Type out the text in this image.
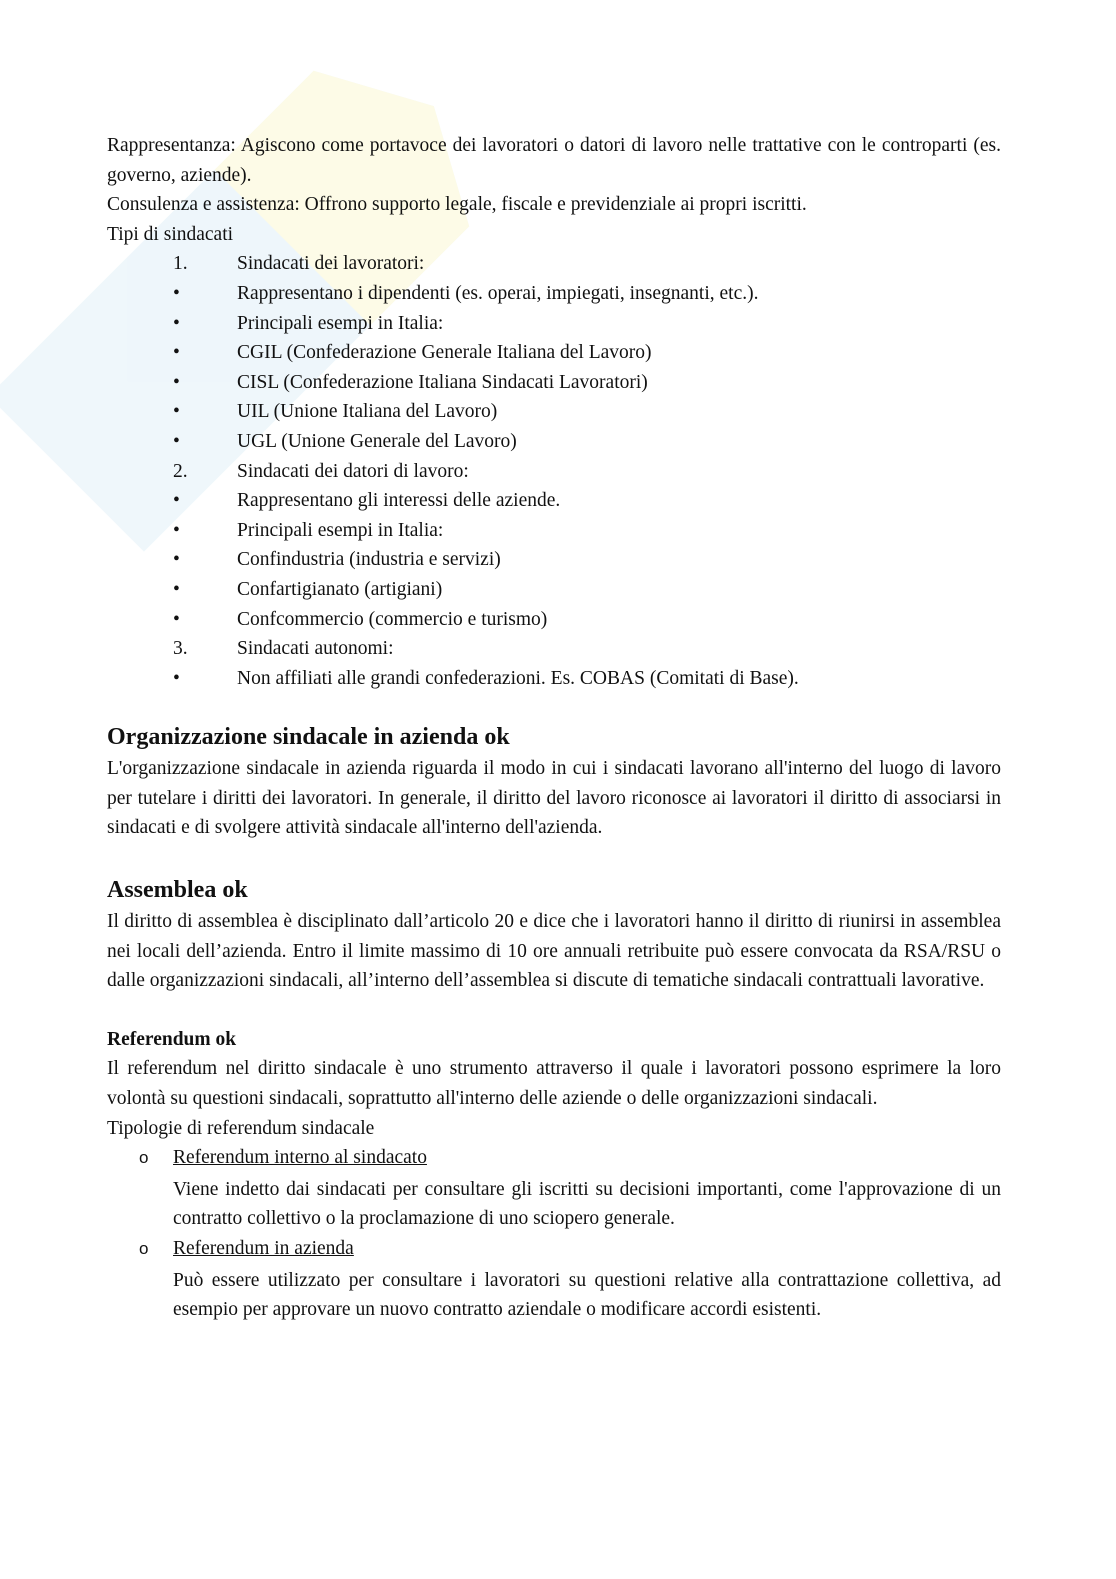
Rappresentanza: Agiscono come portavoce dei lavoratori o datori di lavoro nelle trattative con le controparti (es. governo, aziende).
Consulenza e assistenza: Offrono supporto legale, fiscale e previdenziale ai propri iscritti.
Tipi di sindacati
1.	Sindacati dei lavoratori:
•	Rappresentano i dipendenti (es. operai, impiegati, insegnanti, etc.).
•	Principali esempi in Italia:
•	CGIL (Confederazione Generale Italiana del Lavoro)
•	CISL (Confederazione Italiana Sindacati Lavoratori)
•	UIL (Unione Italiana del Lavoro)
•	UGL (Unione Generale del Lavoro)
2.	Sindacati dei datori di lavoro:
•	Rappresentano gli interessi delle aziende.
•	Principali esempi in Italia:
•	Confindustria (industria e servizi)
•	Confartigianato (artigiani)
•	Confcommercio (commercio e turismo)
3.	Sindacati autonomi:
•	Non affiliati alle grandi confederazioni. Es. COBAS (Comitati di Base).
Organizzazione sindacale in azienda ok
L'organizzazione sindacale in azienda riguarda il modo in cui i sindacati lavorano all'interno del luogo di lavoro per tutelare i diritti dei lavoratori. In generale, il diritto del lavoro riconosce ai lavoratori il diritto di associarsi in sindacati e di svolgere attività sindacale all'interno dell'azienda.
Assemblea ok
Il diritto di assemblea è disciplinato dall’articolo 20 e dice che i lavoratori hanno il diritto di riunirsi in assemblea nei locali dell’azienda. Entro il limite massimo di 10 ore annuali retribuite può essere convocata da RSA/RSU o dalle organizzazioni sindacali, all’interno dell’assemblea si discute di tematiche sindacali contrattuali lavorative.
Referendum ok
Il referendum nel diritto sindacale è uno strumento attraverso il quale i lavoratori possono esprimere la loro volontà su questioni sindacali, soprattutto all'interno delle aziende o delle organizzazioni sindacali.
Tipologie di referendum sindacale
o Referendum interno al sindacato
Viene indetto dai sindacati per consultare gli iscritti su decisioni importanti, come l'approvazione di un contratto collettivo o la proclamazione di uno sciopero generale.
o Referendum in azienda
Può essere utilizzato per consultare i lavoratori su questioni relative alla contrattazione collettiva, ad esempio per approvare un nuovo contratto aziendale o modificare accordi esistenti.
